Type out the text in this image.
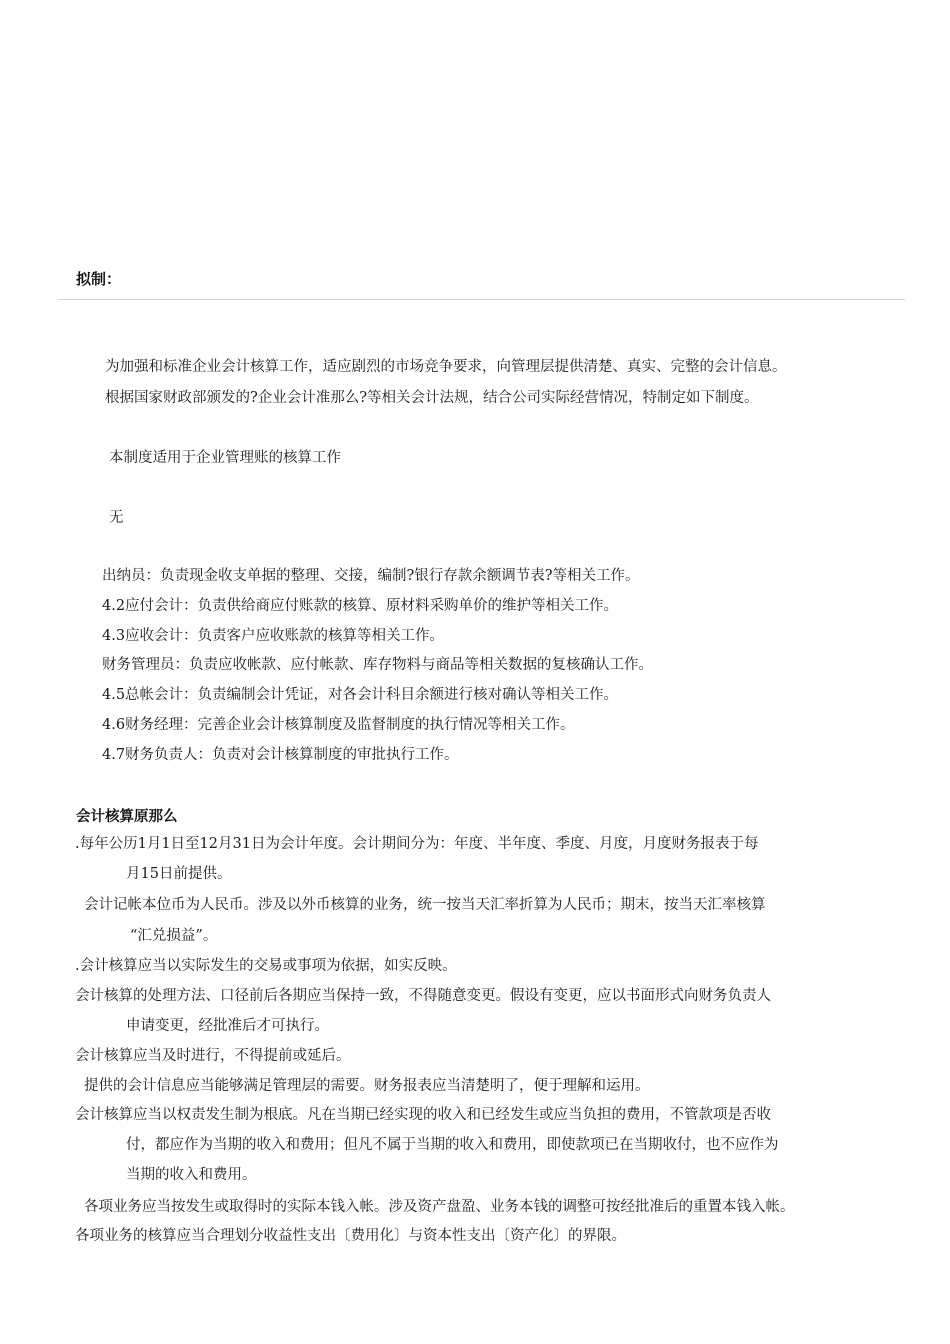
拟制：
为加强和标准企业会计核算工作，适应剧烈的市场竞争要求，向管理层提供清楚、真实、完整的会计信息。
根据国家财政部颁发的?企业会计准那么?等相关会计法规，结合公司实际经营情况，特制定如下制度。
本制度适用于企业管理账的核算工作
无
出纳员：负责现金收支单据的整理、交接，编制?银行存款余额调节表?等相关工作。
4.2应付会计：负责供给商应付账款的核算、原材料采购单价的维护等相关工作。
4.3应收会计：负责客户应收账款的核算等相关工作。
财务管理员：负责应收帐款、应付帐款、库存物料与商品等相关数据的复核确认工作。
4.5总帐会计：负责编制会计凭证，对各会计科目余额进行核对确认等相关工作。
4.6财务经理：完善企业会计核算制度及监督制度的执行情况等相关工作。
4.7财务负责人：负责对会计核算制度的审批执行工作。
会计核算原那么
.每年公历1月1日至12月31日为会计年度。会计期间分为：年度、半年度、季度、月度，月度财务报表于每
月15日前提供。
会计记帐本位币为人民币。涉及以外币核算的业务，统一按当天汇率折算为人民币；期末，按当天汇率核算
“汇兑损益”。
.会计核算应当以实际发生的交易或事项为依据，如实反映。
会计核算的处理方法、口径前后各期应当保持一致，不得随意变更。假设有变更，应以书面形式向财务负责人
申请变更，经批准后才可执行。
会计核算应当及时进行，不得提前或延后。
提供的会计信息应当能够满足管理层的需要。财务报表应当清楚明了，便于理解和运用。
会计核算应当以权责发生制为根底。凡在当期已经实现的收入和已经发生或应当负担的费用，不管款项是否收
付，都应作为当期的收入和费用；但凡不属于当期的收入和费用，即使款项已在当期收付，也不应作为
当期的收入和费用。
各项业务应当按发生或取得时的实际本钱入帐。涉及资产盘盈、业务本钱的调整可按经批准后的重置本钱入帐。
各项业务的核算应当合理划分收益性支出〔费用化〕与资本性支出〔资产化〕的界限。
